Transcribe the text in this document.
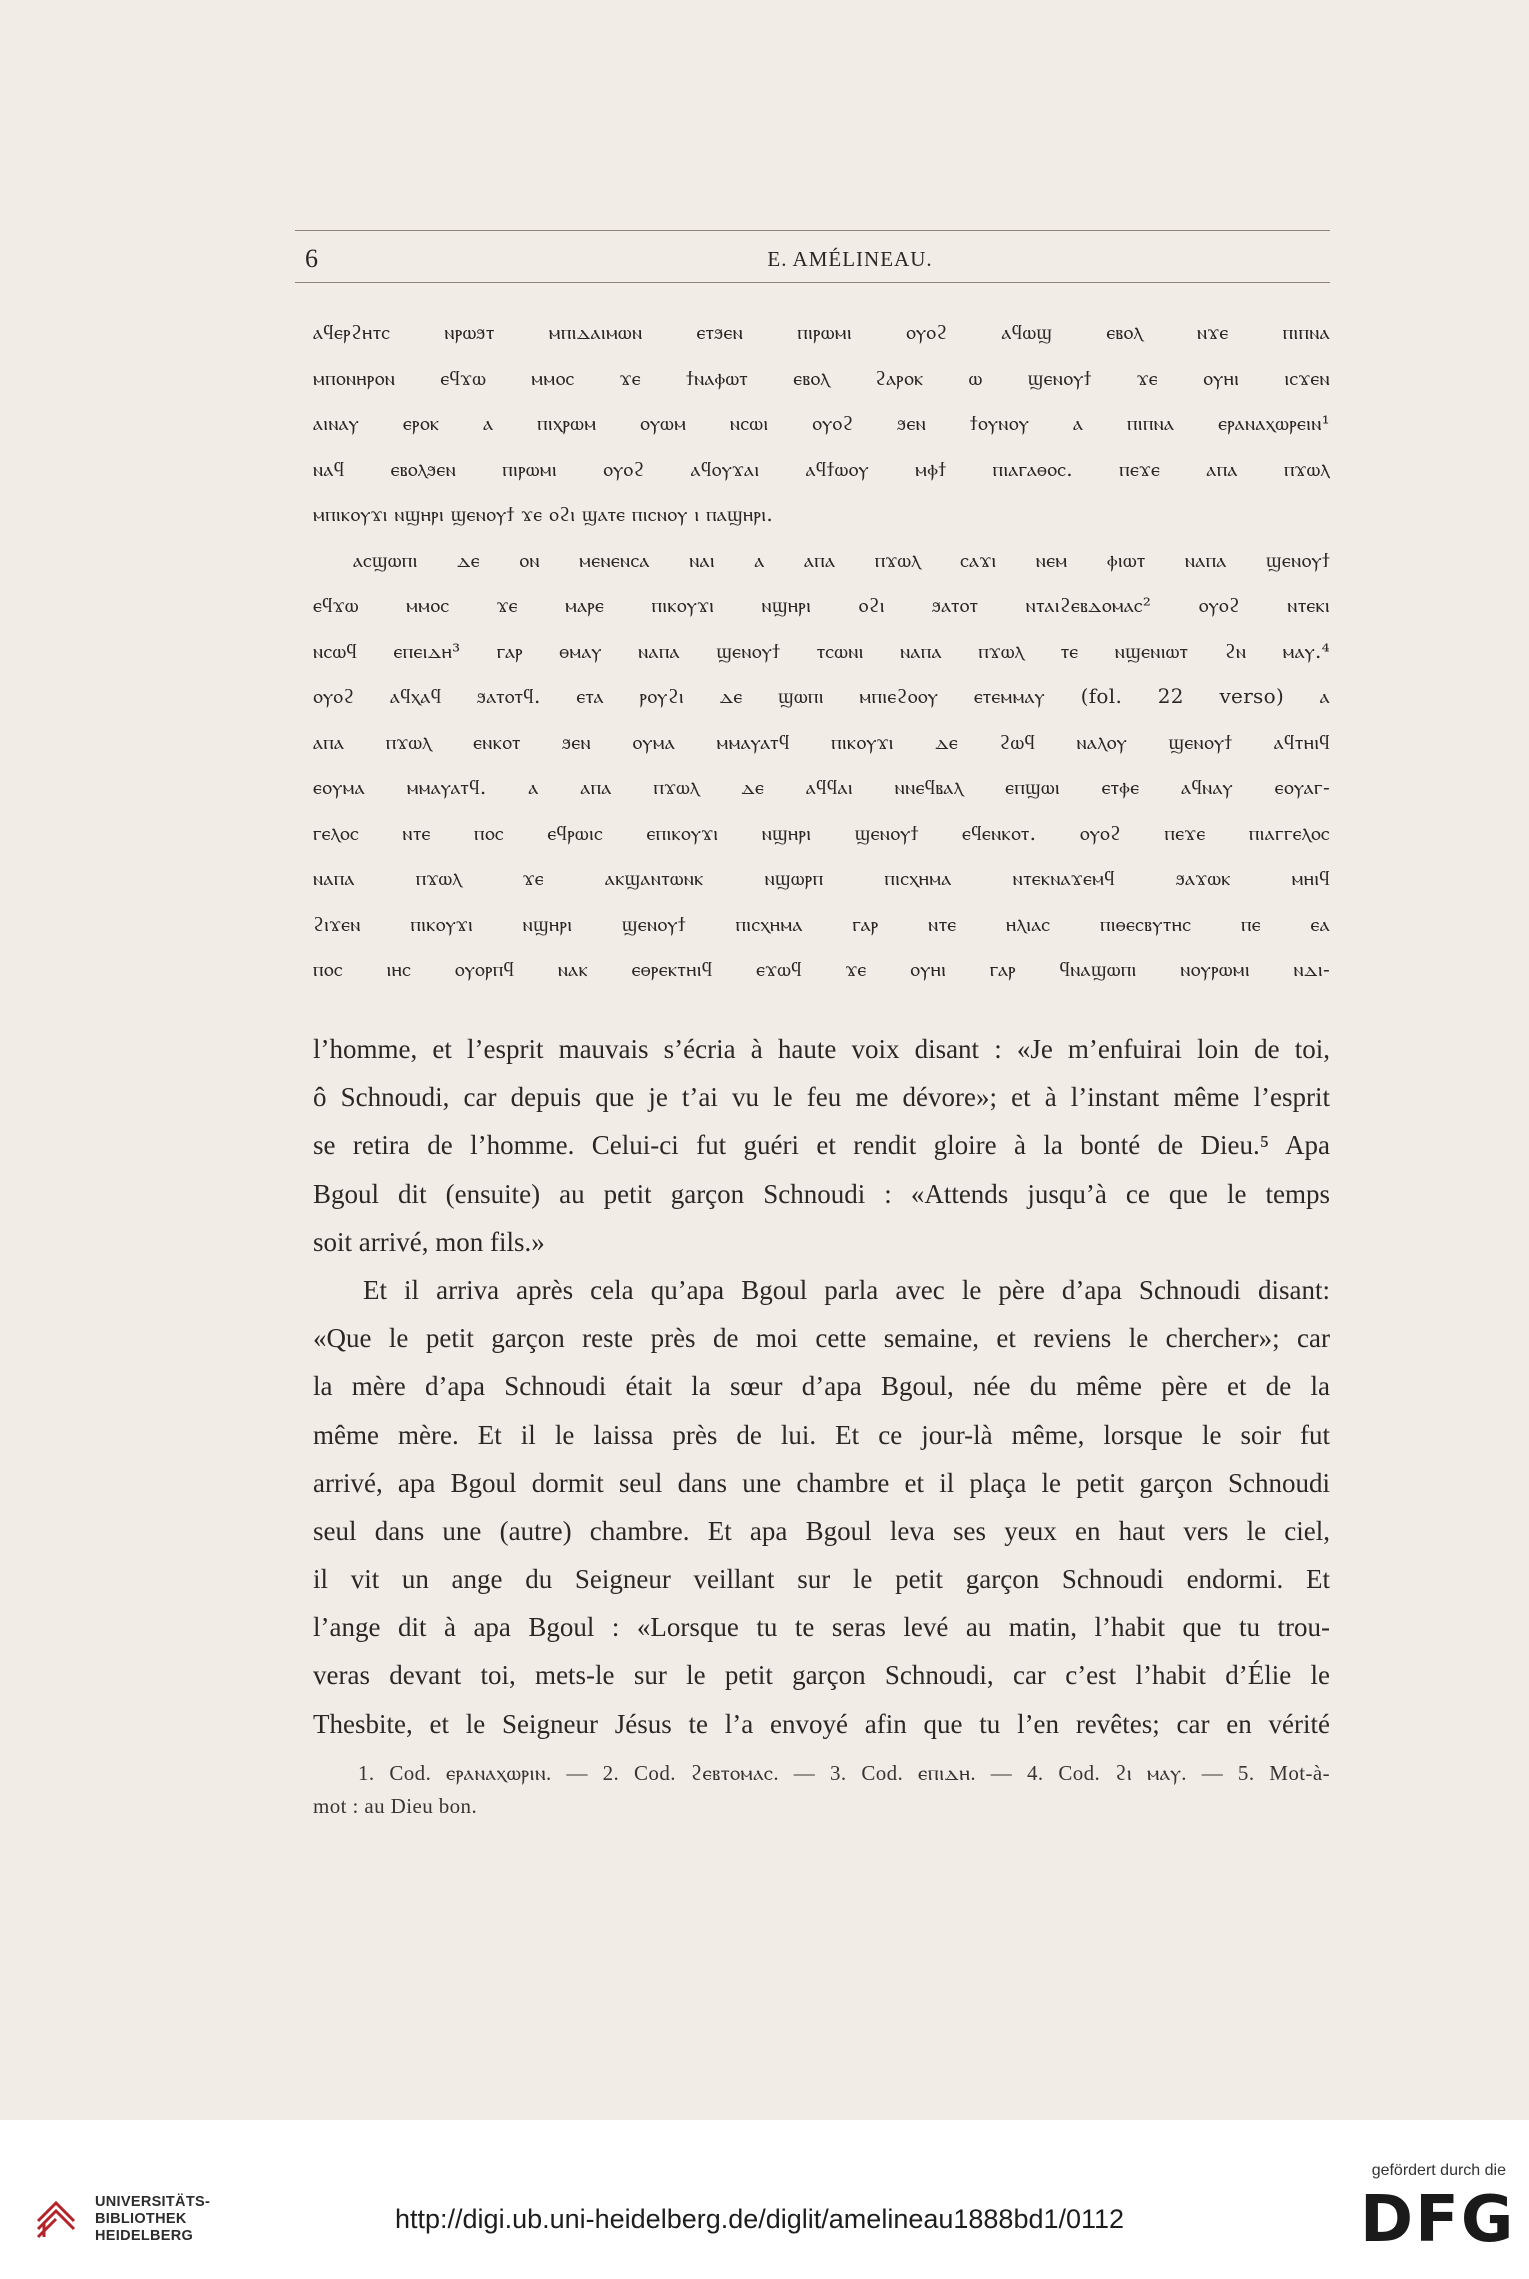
6	E. AMÉLINEAU.
ⲁϥⲉⲣϩⲏⲧⲥ ⲛⲣⲱϧⲧ ⲙⲡⲓⲇⲁⲓⲙⲱⲛ ⲉⲧϧⲉⲛ ⲡⲓⲣⲱⲙⲓ ⲟⲩⲟϩ ⲁϥⲱϣ ⲉⲃⲟⲗ ⲛϫⲉ ⲡⲓⲡⲛⲁ
ⲙⲡⲟⲛⲏⲣⲟⲛ ⲉϥϫⲱ ⲙⲙⲟⲥ ϫⲉ ϯⲛⲁⲫⲱⲧ ⲉⲃⲟⲗ ϩⲁⲣⲟⲕ ⲱ ϣⲉⲛⲟⲩϯ ϫⲉ ⲟⲩⲏⲓ ⲓⲥϫⲉⲛ
ⲁⲓⲛⲁⲩ ⲉⲣⲟⲕ ⲁ ⲡⲓⲭⲣⲱⲙ ⲟⲩⲱⲙ ⲛⲥⲱⲓ ⲟⲩⲟϩ ϧⲉⲛ ϯⲟⲩⲛⲟⲩ ⲁ ⲡⲓⲡⲛⲁ ⲉⲣⲁⲛⲁⲭⲱⲣⲉⲓⲛ¹
ⲛⲁϥ ⲉⲃⲟⲗϧⲉⲛ ⲡⲓⲣⲱⲙⲓ ⲟⲩⲟϩ ⲁϥⲟⲩϫⲁⲓ ⲁϥϯⲱⲟⲩ ⲙⲫϯ ⲡⲓⲁⲅⲁⲑⲟⲥ. ⲡⲉϫⲉ ⲁⲡⲁ ⲡϫⲱⲗ
ⲙⲡⲓⲕⲟⲩϫⲓ ⲛϣⲏⲣⲓ ϣⲉⲛⲟⲩϯ ϫⲉ ⲟϩⲓ ϣⲁⲧⲉ ⲡⲓⲥⲛⲟⲩ ⲓ ⲡⲁϣⲏⲣⲓ.
ⲁⲥϣⲱⲡⲓ ⲇⲉ ⲟⲛ ⲙⲉⲛⲉⲛⲥⲁ ⲛⲁⲓ ⲁ ⲁⲡⲁ ⲡϫⲱⲗ ⲥⲁϫⲓ ⲛⲉⲙ ⲫⲓⲱⲧ ⲛⲁⲡⲁ ϣⲉⲛⲟⲩϯ
ⲉϥϫⲱ ⲙⲙⲟⲥ ϫⲉ ⲙⲁⲣⲉ ⲡⲓⲕⲟⲩϫⲓ ⲛϣⲏⲣⲓ ⲟϩⲓ ϧⲁⲧⲟⲧ ⲛⲧⲁⲓϩⲉⲃⲇⲟⲙⲁⲥ² ⲟⲩⲟϩ ⲛⲧⲉⲕⲓ
ⲛⲥⲱϥ ⲉⲡⲉⲓⲇⲏ³ ⲅⲁⲣ ⲑⲙⲁⲩ ⲛⲁⲡⲁ ϣⲉⲛⲟⲩϯ ⲧⲥⲱⲛⲓ ⲛⲁⲡⲁ ⲡϫⲱⲗ ⲧⲉ ⲛϣⲉⲛⲓⲱⲧ ϩⲛ ⲙⲁⲩ.⁴
ⲟⲩⲟϩ ⲁϥⲭⲁϥ ϧⲁⲧⲟⲧϥ. ⲉⲧⲁ ⲣⲟⲩϩⲓ ⲇⲉ ϣⲱⲡⲓ ⲙⲡⲓⲉϩⲟⲟⲩ ⲉⲧⲉⲙⲙⲁⲩ (fol. 22 verso) ⲁ
ⲁⲡⲁ ⲡϫⲱⲗ ⲉⲛⲕⲟⲧ ϧⲉⲛ ⲟⲩⲙⲁ ⲙⲙⲁⲩⲁⲧϥ ⲡⲓⲕⲟⲩϫⲓ ⲇⲉ ϩⲱϥ ⲛⲁⲗⲟⲩ ϣⲉⲛⲟⲩϯ ⲁϥⲧⲏⲓϥ
ⲉⲟⲩⲙⲁ ⲙⲙⲁⲩⲁⲧϥ. ⲁ ⲁⲡⲁ ⲡϫⲱⲗ ⲇⲉ ⲁϥϥⲁⲓ ⲛⲛⲉϥⲃⲁⲗ ⲉⲡϣⲱⲓ ⲉⲧⲫⲉ ⲁϥⲛⲁⲩ ⲉⲟⲩⲁⲅ-
ⲅⲉⲗⲟⲥ ⲛⲧⲉ ⲡⲟⲥ ⲉϥⲣⲱⲓⲥ ⲉⲡⲓⲕⲟⲩϫⲓ ⲛϣⲏⲣⲓ ϣⲉⲛⲟⲩϯ ⲉϥⲉⲛⲕⲟⲧ. ⲟⲩⲟϩ ⲡⲉϫⲉ ⲡⲓⲁⲅⲅⲉⲗⲟⲥ
ⲛⲁⲡⲁ ⲡϫⲱⲗ ϫⲉ ⲁⲕϣⲁⲛⲧⲱⲛⲕ ⲛϣⲱⲣⲡ ⲡⲓⲥⲭⲏⲙⲁ ⲛⲧⲉⲕⲛⲁϫⲉⲙϥ ϧⲁϫⲱⲕ ⲙⲏⲓϥ
ϩⲓϫⲉⲛ ⲡⲓⲕⲟⲩϫⲓ ⲛϣⲏⲣⲓ ϣⲉⲛⲟⲩϯ ⲡⲓⲥⲭⲏⲙⲁ ⲅⲁⲣ ⲛⲧⲉ ⲏⲗⲓⲁⲥ ⲡⲓⲑⲉⲥⲃⲩⲧⲏⲥ ⲡⲉ ⲉⲁ
ⲡⲟⲥ ⲓⲏⲥ ⲟⲩⲟⲣⲡϥ ⲛⲁⲕ ⲉⲑⲣⲉⲕⲧⲏⲓϥ ⲉϫⲱϥ ϫⲉ ⲟⲩⲏⲓ ⲅⲁⲣ ϥⲛⲁϣⲱⲡⲓ ⲛⲟⲩⲣⲱⲙⲓ ⲛⲇⲓ-
l’homme, et l’esprit mauvais s’écria à haute voix disant : «Je m’enfuirai loin de toi,
ô Schnoudi, car depuis que je t’ai vu le feu me dévore»; et à l’instant même l’esprit
se retira de l’homme. Celui-ci fut guéri et rendit gloire à la bonté de Dieu.⁵ Apa
Bgoul dit (ensuite) au petit garçon Schnoudi : «Attends jusqu’à ce que le temps
soit arrivé, mon fils.»
Et il arriva après cela qu’apa Bgoul parla avec le père d’apa Schnoudi disant:
«Que le petit garçon reste près de moi cette semaine, et reviens le chercher»; car
la mère d’apa Schnoudi était la sœur d’apa Bgoul, née du même père et de la
même mère. Et il le laissa près de lui. Et ce jour-là même, lorsque le soir fut
arrivé, apa Bgoul dormit seul dans une chambre et il plaça le petit garçon Schnoudi
seul dans une (autre) chambre. Et apa Bgoul leva ses yeux en haut vers le ciel,
il vit un ange du Seigneur veillant sur le petit garçon Schnoudi endormi. Et
l’ange dit à apa Bgoul : «Lorsque tu te seras levé au matin, l’habit que tu trou-
veras devant toi, mets-le sur le petit garçon Schnoudi, car c’est l’habit d’Élie le
Thesbite, et le Seigneur Jésus te l’a envoyé afin que tu l’en revêtes; car en vérité
1. Cod. ⲉⲣⲁⲛⲁⲭⲱⲣⲓⲛ. — 2. Cod. ϩⲉⲃⲧⲟⲙⲁⲥ. — 3. Cod. ⲉⲡⲓⲇⲏ. — 4. Cod. ϩⲓ ⲙⲁⲩ. — 5. Mot-à-
mot : au Dieu bon.
UNIVERSITÄTS-
BIBLIOTHEK
HEIDELBERG
http://digi.ub.uni-heidelberg.de/diglit/amelineau1888bd1/0112
gefördert durch die
DFG
